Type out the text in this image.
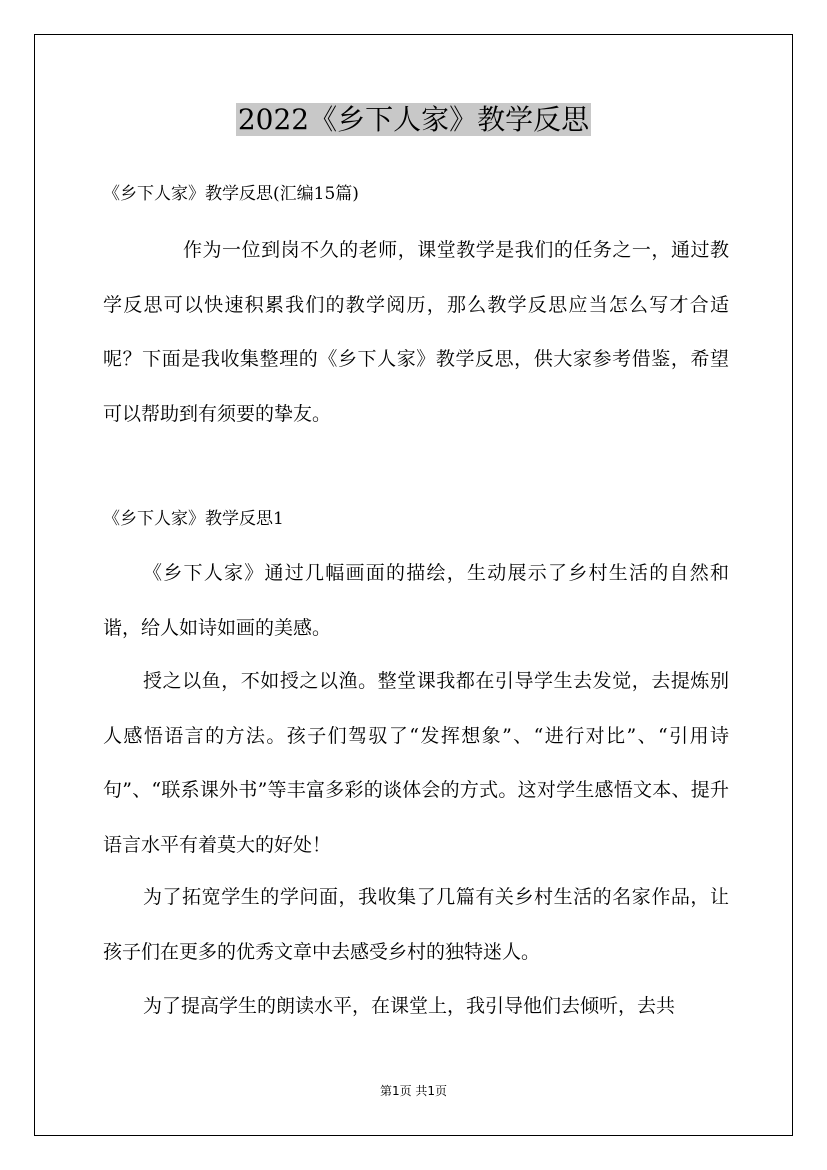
2022《乡下人家》教学反思
《乡下人家》教学反思(汇编15篇)

作为一位到岗不久的老师，课堂教学是我们的任务之一，通过教学反思可以快速积累我们的教学阅历，那么教学反思应当怎么写才合适呢？下面是我收集整理的《乡下人家》教学反思，供大家参考借鉴，希望可以帮助到有须要的挚友。

《乡下人家》教学反思1

《乡下人家》通过几幅画面的描绘，生动展示了乡村生活的自然和谐，给人如诗如画的美感。

授之以鱼，不如授之以渔。整堂课我都在引导学生去发觉，去提炼别人感悟语言的方法。孩子们驾驭了“发挥想象”、“进行对比”、“引用诗句”、“联系课外书”等丰富多彩的谈体会的方式。这对学生感悟文本、提升语言水平有着莫大的好处！

为了拓宽学生的学问面，我收集了几篇有关乡村生活的名家作品，让孩子们在更多的优秀文章中去感受乡村的独特迷人。

为了提高学生的朗读水平，在课堂上，我引导他们去倾听，去共

第1页 共1页
